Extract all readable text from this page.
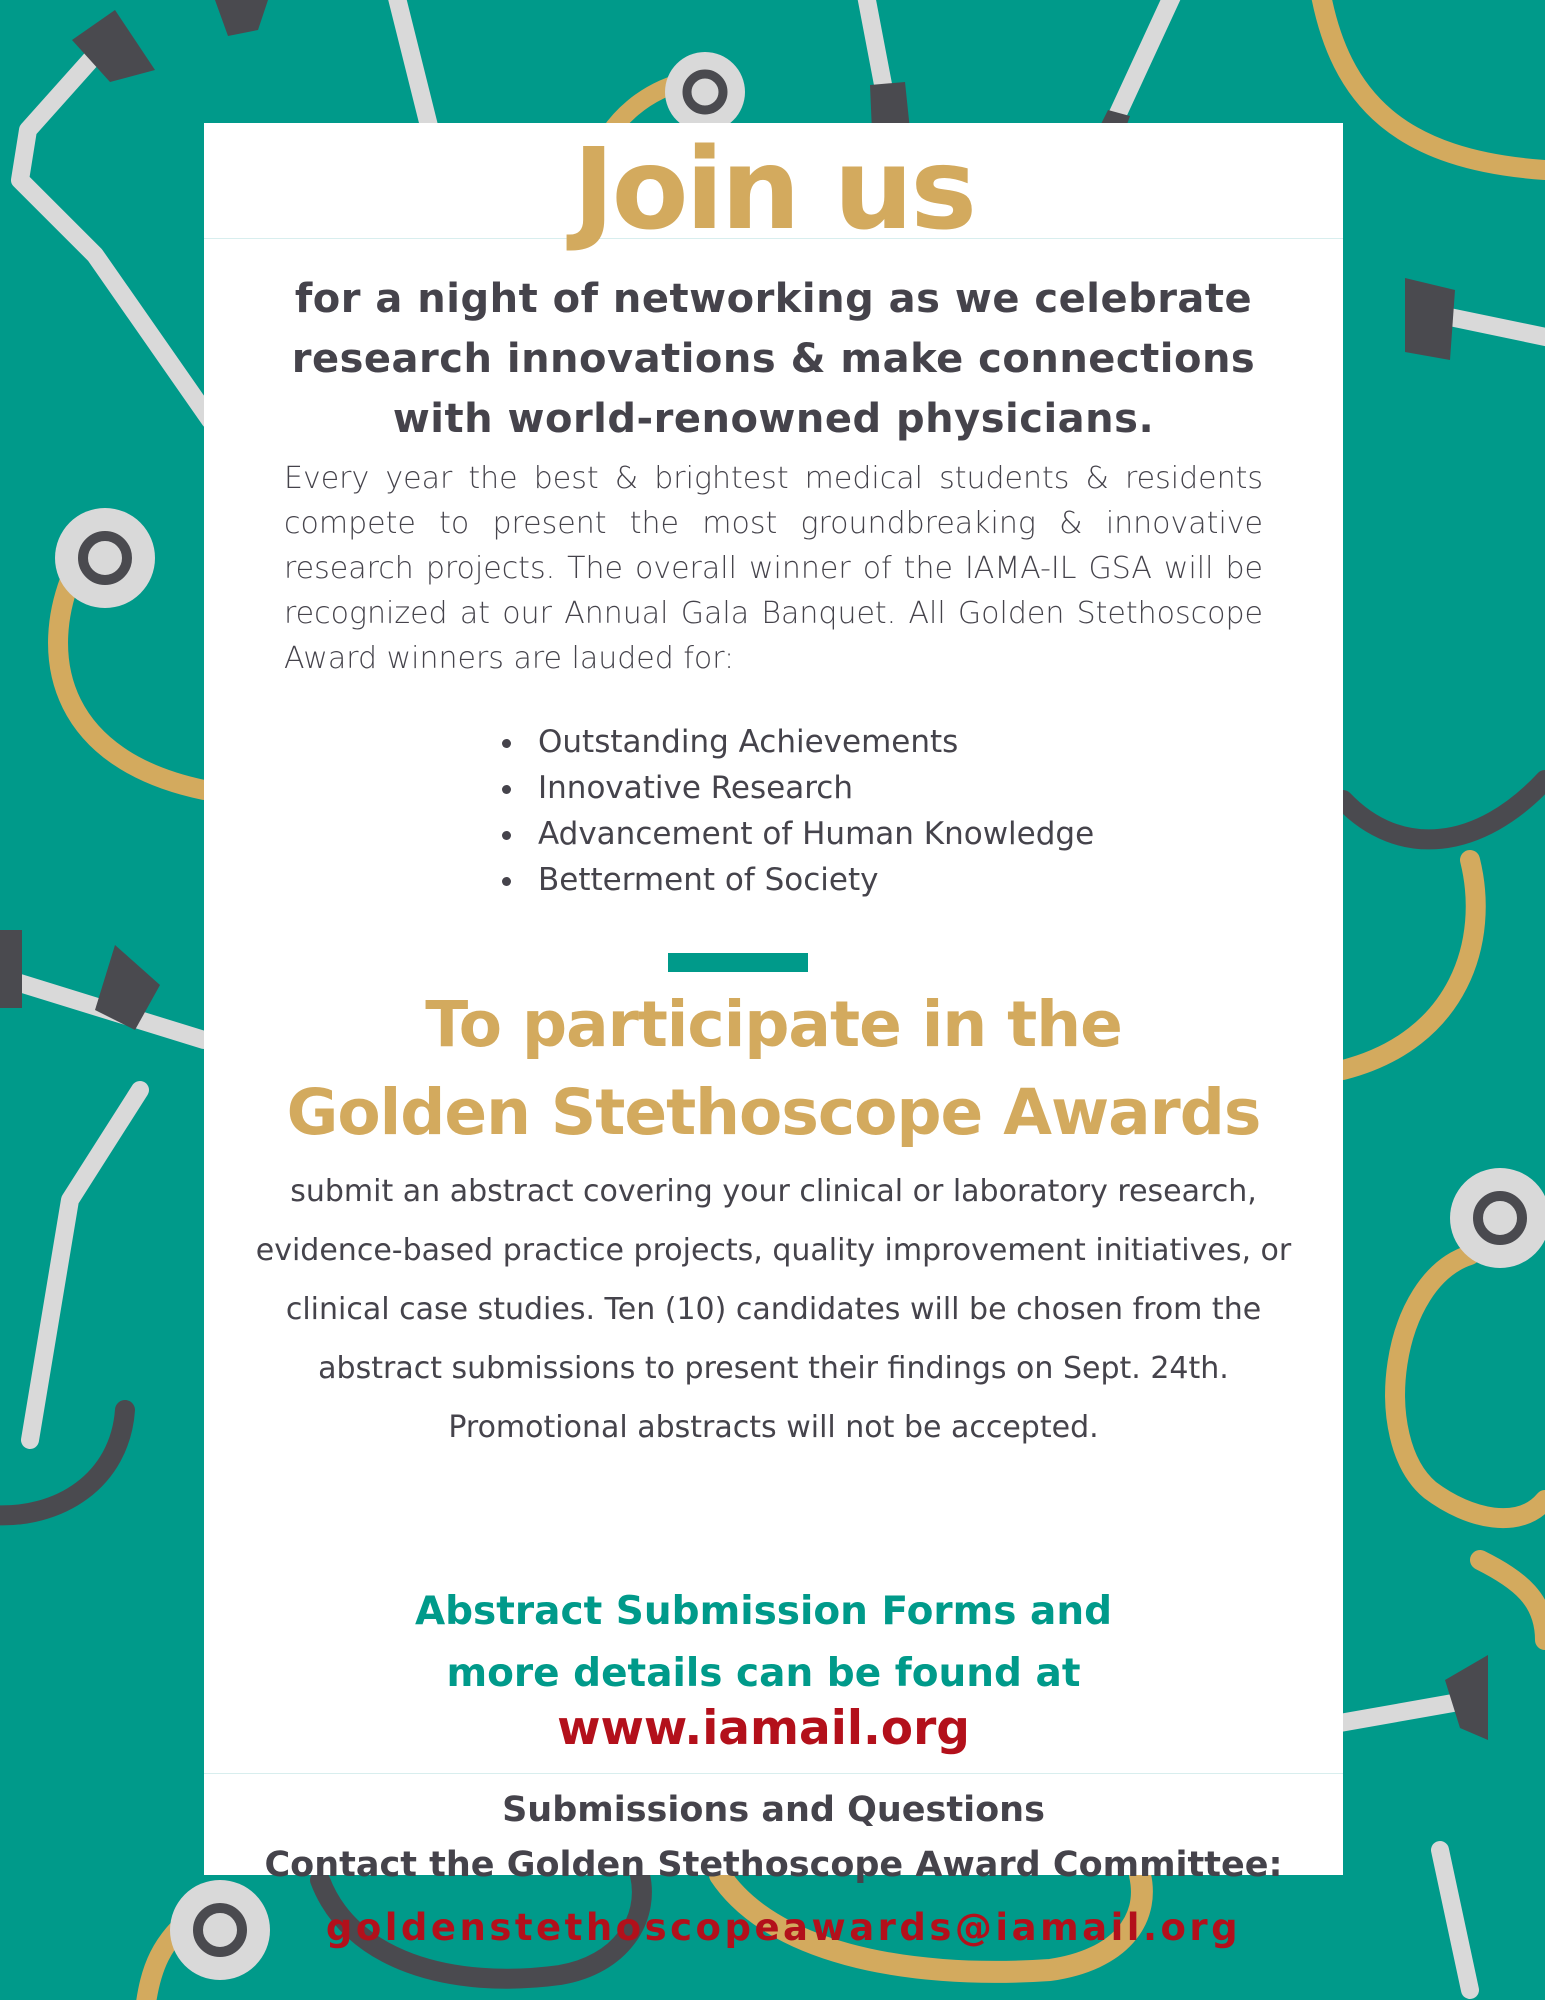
Join us
for a night of networking as we celebrate
research innovations & make connections
with world-renowned physicians.
Every year the best & brightest medical students & residents compete to present the most groundbreaking & innovative research projects. The overall winner of the IAMA-IL GSA will be recognized at our Annual Gala Banquet. All Golden Stethoscope Award winners are lauded for:
Outstanding Achievements
Innovative Research
Advancement of Human Knowledge
Betterment of Society
To participate in the
Golden Stethoscope Awards
submit an abstract covering your clinical or laboratory research,
evidence-based practice projects, quality improvement initiatives, or
clinical case studies. Ten (10) candidates will be chosen from the
abstract submissions to present their findings on Sept. 24th.
Promotional abstracts will not be accepted.
Abstract Submission Forms and
more details can be found at
www.iamail.org
Submissions and Questions
Contact the Golden Stethoscope Award Committee:
goldenstethoscopeawards@iamail.org
